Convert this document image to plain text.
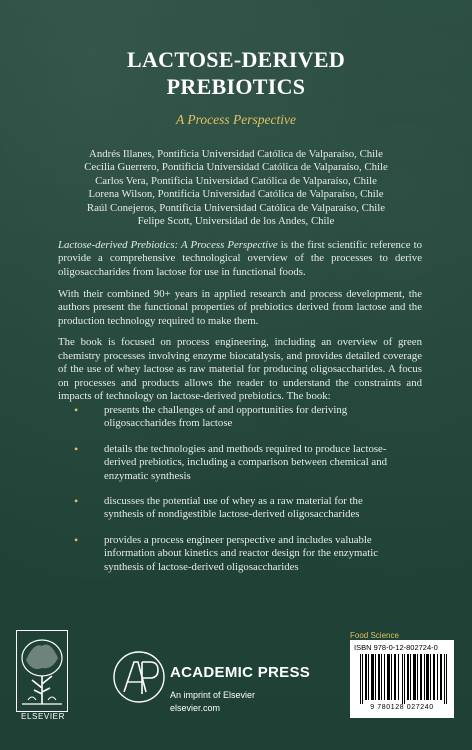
LACTOSE-DERIVED
PREBIOTICS
A Process Perspective
Andrés Illanes, Pontificia Universidad Católica de Valparaíso, Chile
Cecilia Guerrero, Pontificia Universidad Católica de Valparaíso, Chile
Carlos Vera, Pontificia Universidad Católica de Valparaíso, Chile
Lorena Wilson, Pontificia Universidad Católica de Valparaíso, Chile
Raúl Conejeros, Pontificia Universidad Católica de Valparaíso, Chile
Felipe Scott, Universidad de los Andes, Chile

Lactose-derived Prebiotics: A Process Perspective is the first scientific reference to provide a comprehensive technological overview of the processes to derive oligosaccharides from lactose for use in functional foods.

With their combined 90+ years in applied research and process development, the authors present the functional properties of prebiotics derived from lactose and the production technology required to make them.

The book is focused on process engineering, including an overview of green chemistry processes involving enzyme biocatalysis, and provides detailed coverage of the use of whey lactose as raw material for producing oligosaccharides. A focus on processes and products allows the reader to understand the constraints and impacts of technology on lactose-derived prebiotics. The book:

• presents the challenges of and opportunities for deriving oligosaccharides from lactose
• details the technologies and methods required to produce lactose-derived prebiotics, including a comparison between chemical and enzymatic synthesis
• discusses the potential use of whey as a raw material for the synthesis of nondigestible lactose-derived oligosaccharides
• provides a process engineer perspective and includes valuable information about kinetics and reactor design for the enzymatic synthesis of lactose-derived oligosaccharides
ELSEVIER
ACADEMIC PRESS
An imprint of Elsevier
elsevier.com
Food Science
ISBN 978-0-12-802724-0
9 780128 027240
